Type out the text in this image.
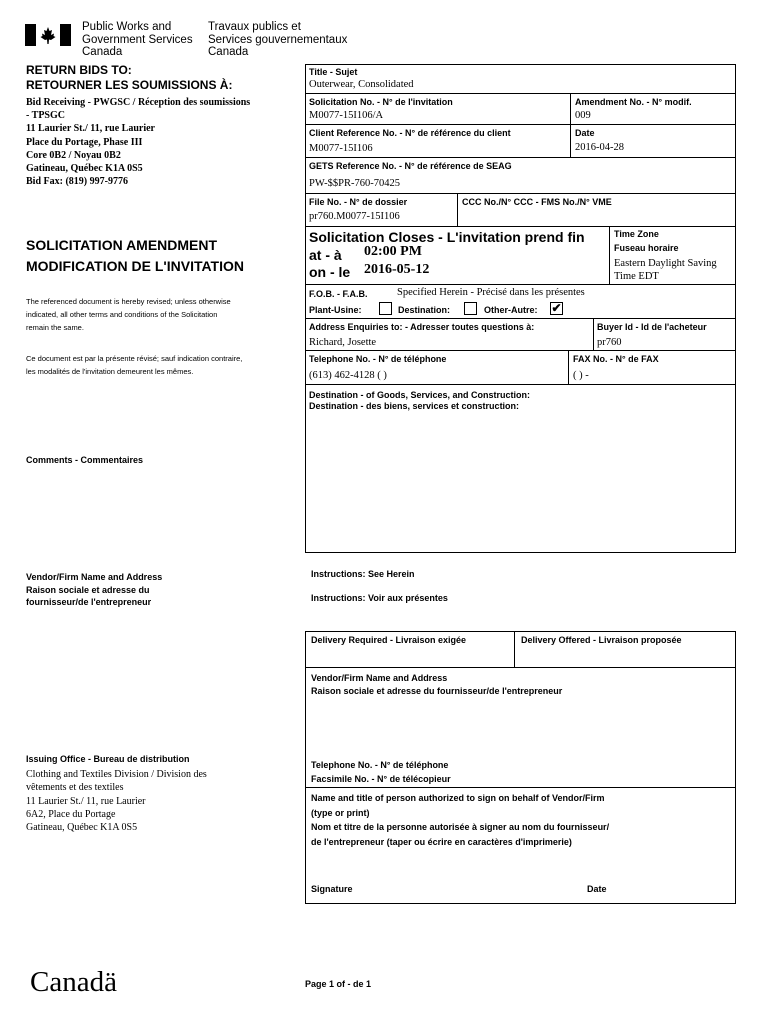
Public Works and
Government Services
Canada
Travaux publics et
Services gouvernementaux
Canada
RETURN BIDS TO:
RETOURNER LES SOUMISSIONS À:
Bid Receiving - PWGSC / Réception des soumissions
- TPSGC
11 Laurier St./ 11, rue Laurier
Place du Portage, Phase III
Core 0B2 / Noyau 0B2
Gatineau, Québec K1A 0S5
Bid Fax: (819) 997-9776
SOLICITATION AMENDMENT
MODIFICATION DE L'INVITATION
The referenced document is hereby revised; unless otherwise
indicated, all other terms and conditions of the Solicitation
remain the same.
Ce document est par la présente révisé; sauf indication contraire,
les modalités de l'invitation demeurent les mêmes.
Comments - Commentaires
Vendor/Firm Name and Address
Raison sociale et adresse du
fournisseur/de l'entrepreneur
Issuing Office - Bureau de distribution
Clothing and Textiles Division / Division des
vêtements et des textiles
11 Laurier St./ 11, rue Laurier
6A2, Place du Portage
Gatineau, Québec K1A 0S5
Title - Sujet
Outerwear, Consolidated
Solicitation No. - N° de l'invitation
M0077-15I106/A
Amendment No. - N° modif.
009
Client Reference No. - N° de référence du client
M0077-15I106
Date
2016-04-28
GETS Reference No. - N° de référence de SEAG
PW-$$PR-760-70425
File No. - N° de dossier
pr760.M0077-15I106
CCC No./N° CCC - FMS No./N° VME
Solicitation Closes - L'invitation prend fin
at - à 02:00 PM
on - le 2016-05-12
Time Zone
Fuseau horaire
Eastern Daylight Saving
Time EDT
F.O.B. - F.A.B.	Specified Herein - Précisé dans les présentes
Plant-Usine:	Destination:	Other-Autre: ✔
Address Enquiries to: - Adresser toutes questions à:
Richard, Josette
Buyer Id - Id de l'acheteur
pr760
Telephone No. - N° de téléphone
(613) 462-4128 ( )
FAX No. - N° de FAX
( ) -
Destination - of Goods, Services, and Construction:
Destination - des biens, services et construction:
Instructions: See Herein
Instructions: Voir aux présentes
Delivery Required - Livraison exigée	Delivery Offered - Livraison proposée
Vendor/Firm Name and Address
Raison sociale et adresse du fournisseur/de l'entrepreneur
Telephone No. - N° de téléphone
Facsimile No. - N° de télécopieur
Name and title of person authorized to sign on behalf of Vendor/Firm
(type or print)
Nom et titre de la personne autorisée à signer au nom du fournisseur/
de l'entrepreneur (taper ou écrire en caractères d'imprimerie)
Signature	Date
Canadä	Page 1 of - de 1
